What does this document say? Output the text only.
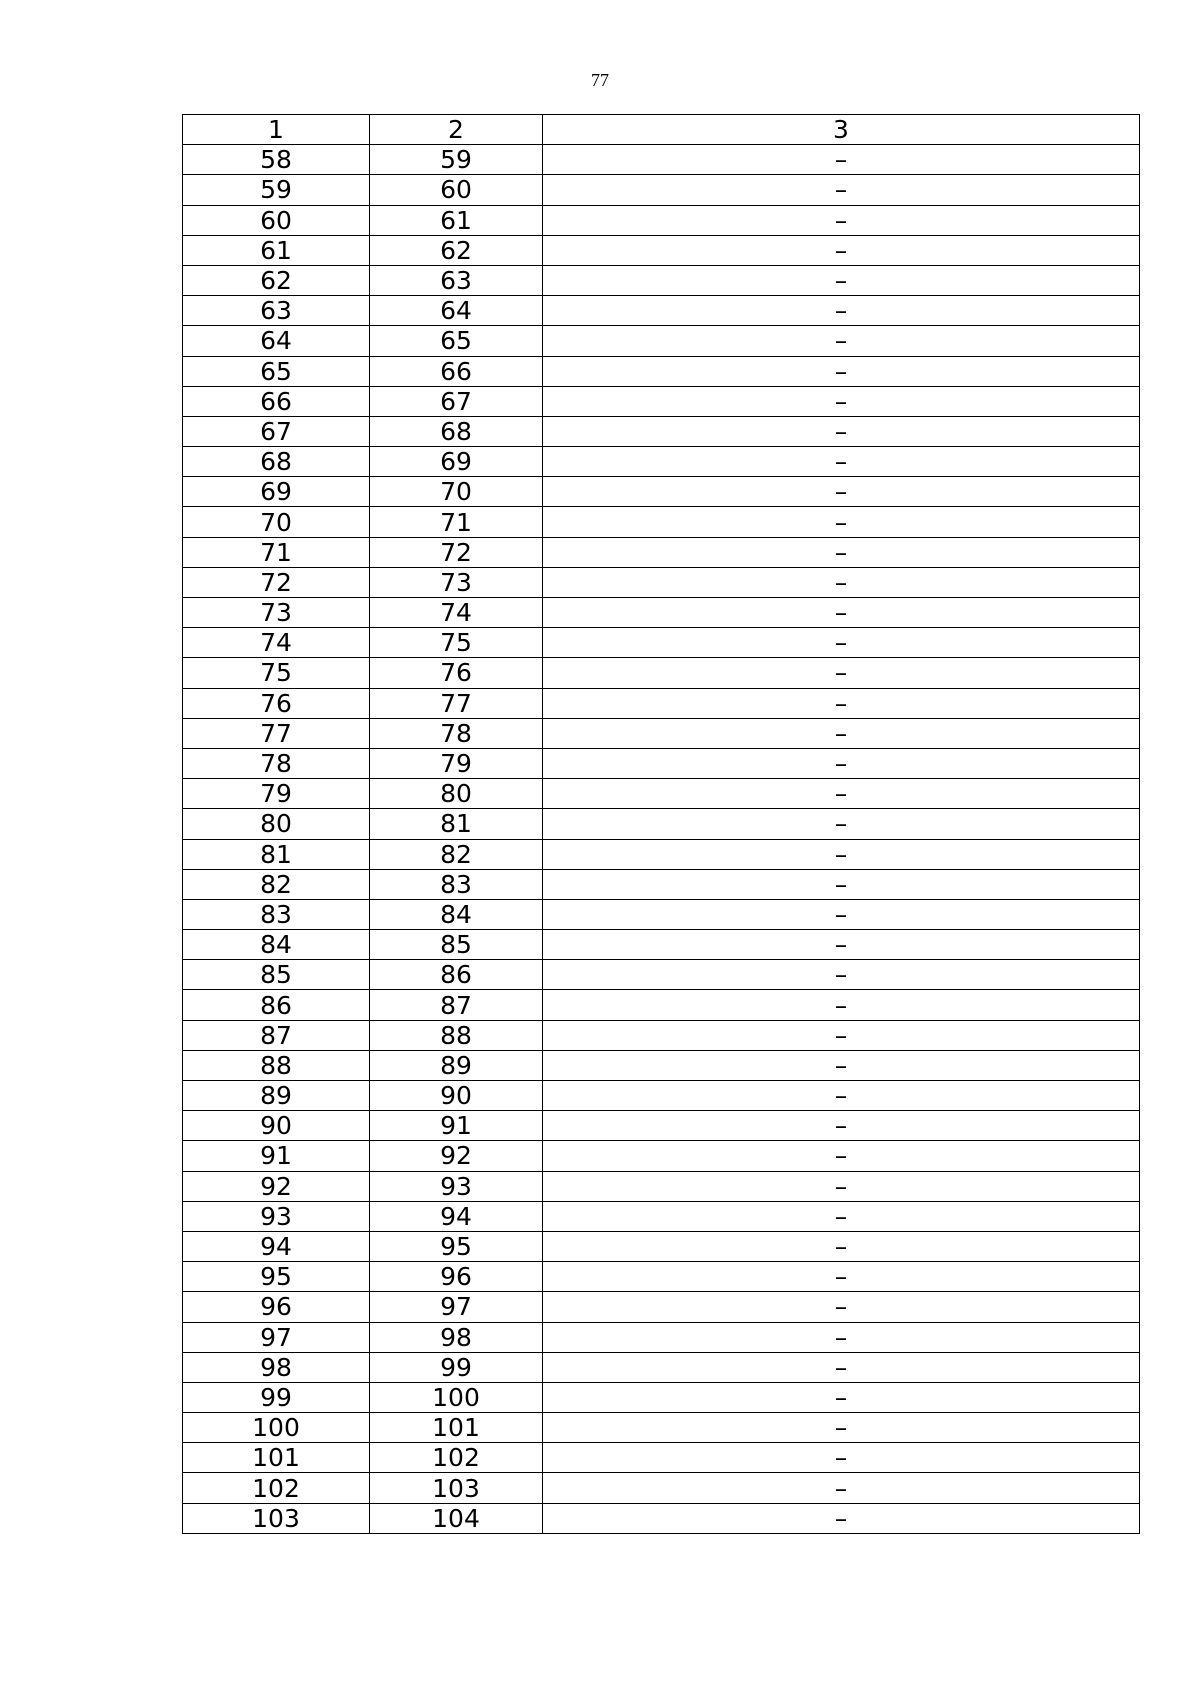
77
1	2	3
58	59	–
59	60	–
60	61	–
61	62	–
62	63	–
63	64	–
64	65	–
65	66	–
66	67	–
67	68	–
68	69	–
69	70	–
70	71	–
71	72	–
72	73	–
73	74	–
74	75	–
75	76	–
76	77	–
77	78	–
78	79	–
79	80	–
80	81	–
81	82	–
82	83	–
83	84	–
84	85	–
85	86	–
86	87	–
87	88	–
88	89	–
89	90	–
90	91	–
91	92	–
92	93	–
93	94	–
94	95	–
95	96	–
96	97	–
97	98	–
98	99	–
99	100	–
100	101	–
101	102	–
102	103	–
103	104	–
